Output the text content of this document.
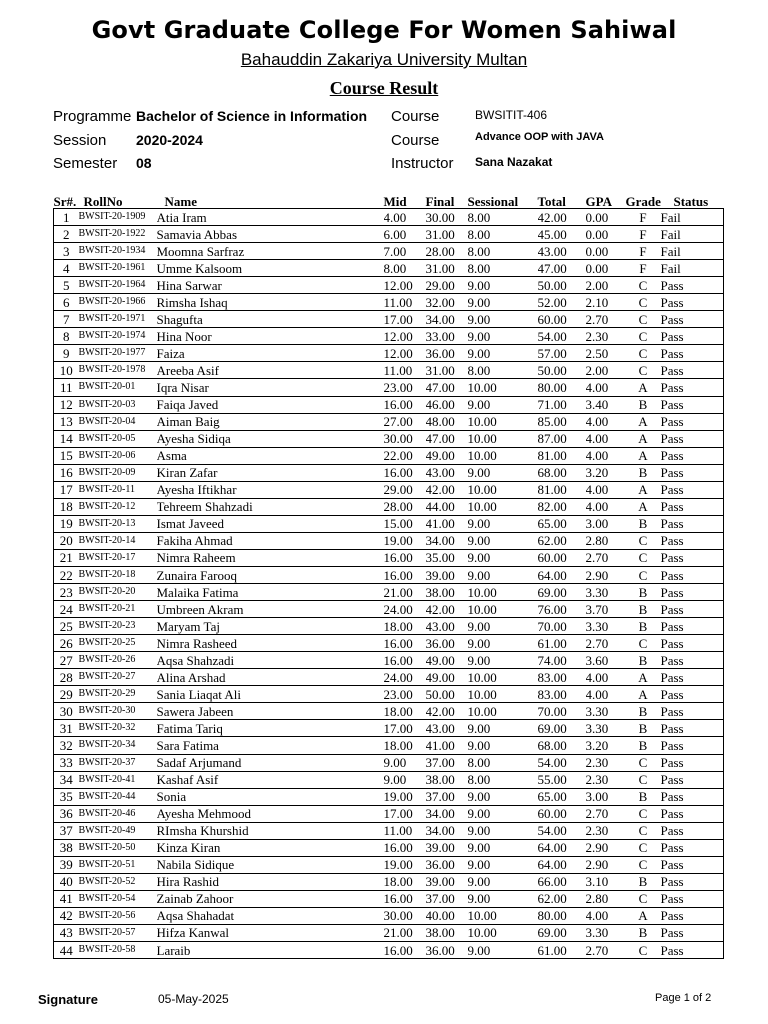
Govt Graduate College For Women Sahiwal
Bahauddin Zakariya University Multan
Course Result
Programme Bachelor of Science in Information
Session 2020-2024
Semester 08
Course	BWSITIT-406
Course	Advance OOP with JAVA
Instructor Sana Nazakat
Sr#.	RollNo	Name	Mid	Final	Sessional	Total	GPA	Grade	Status
1	BWSIT-20-1909	Atia Iram	4.00	30.00	8.00	42.00	0.00	F	Fail
2	BWSIT-20-1922	Samavia Abbas	6.00	31.00	8.00	45.00	0.00	F	Fail
3	BWSIT-20-1934	Moomna Sarfraz	7.00	28.00	8.00	43.00	0.00	F	Fail
4	BWSIT-20-1961	Umme Kalsoom	8.00	31.00	8.00	47.00	0.00	F	Fail
5	BWSIT-20-1964	Hina Sarwar	12.00	29.00	9.00	50.00	2.00	C	Pass
6	BWSIT-20-1966	Rimsha Ishaq	11.00	32.00	9.00	52.00	2.10	C	Pass
7	BWSIT-20-1971	Shagufta	17.00	34.00	9.00	60.00	2.70	C	Pass
8	BWSIT-20-1974	Hina Noor	12.00	33.00	9.00	54.00	2.30	C	Pass
9	BWSIT-20-1977	Faiza	12.00	36.00	9.00	57.00	2.50	C	Pass
10	BWSIT-20-1978	Areeba Asif	11.00	31.00	8.00	50.00	2.00	C	Pass
11	BWSIT-20-01	Iqra Nisar	23.00	47.00	10.00	80.00	4.00	A	Pass
12	BWSIT-20-03	Faiqa Javed	16.00	46.00	9.00	71.00	3.40	B	Pass
13	BWSIT-20-04	Aiman Baig	27.00	48.00	10.00	85.00	4.00	A	Pass
14	BWSIT-20-05	Ayesha Sidiqa	30.00	47.00	10.00	87.00	4.00	A	Pass
15	BWSIT-20-06	Asma	22.00	49.00	10.00	81.00	4.00	A	Pass
16	BWSIT-20-09	Kiran Zafar	16.00	43.00	9.00	68.00	3.20	B	Pass
17	BWSIT-20-11	Ayesha Iftikhar	29.00	42.00	10.00	81.00	4.00	A	Pass
18	BWSIT-20-12	Tehreem Shahzadi	28.00	44.00	10.00	82.00	4.00	A	Pass
19	BWSIT-20-13	Ismat Javeed	15.00	41.00	9.00	65.00	3.00	B	Pass
20	BWSIT-20-14	Fakiha Ahmad	19.00	34.00	9.00	62.00	2.80	C	Pass
21	BWSIT-20-17	Nimra Raheem	16.00	35.00	9.00	60.00	2.70	C	Pass
22	BWSIT-20-18	Zunaira Farooq	16.00	39.00	9.00	64.00	2.90	C	Pass
23	BWSIT-20-20	Malaika Fatima	21.00	38.00	10.00	69.00	3.30	B	Pass
24	BWSIT-20-21	Umbreen Akram	24.00	42.00	10.00	76.00	3.70	B	Pass
25	BWSIT-20-23	Maryam Taj	18.00	43.00	9.00	70.00	3.30	B	Pass
26	BWSIT-20-25	Nimra Rasheed	16.00	36.00	9.00	61.00	2.70	C	Pass
27	BWSIT-20-26	Aqsa Shahzadi	16.00	49.00	9.00	74.00	3.60	B	Pass
28	BWSIT-20-27	Alina Arshad	24.00	49.00	10.00	83.00	4.00	A	Pass
29	BWSIT-20-29	Sania Liaqat Ali	23.00	50.00	10.00	83.00	4.00	A	Pass
30	BWSIT-20-30	Sawera Jabeen	18.00	42.00	10.00	70.00	3.30	B	Pass
31	BWSIT-20-32	Fatima Tariq	17.00	43.00	9.00	69.00	3.30	B	Pass
32	BWSIT-20-34	Sara Fatima	18.00	41.00	9.00	68.00	3.20	B	Pass
33	BWSIT-20-37	Sadaf Arjumand	9.00	37.00	8.00	54.00	2.30	C	Pass
34	BWSIT-20-41	Kashaf Asif	9.00	38.00	8.00	55.00	2.30	C	Pass
35	BWSIT-20-44	Sonia	19.00	37.00	9.00	65.00	3.00	B	Pass
36	BWSIT-20-46	Ayesha Mehmood	17.00	34.00	9.00	60.00	2.70	C	Pass
37	BWSIT-20-49	RImsha Khurshid	11.00	34.00	9.00	54.00	2.30	C	Pass
38	BWSIT-20-50	Kinza Kiran	16.00	39.00	9.00	64.00	2.90	C	Pass
39	BWSIT-20-51	Nabila Sidique	19.00	36.00	9.00	64.00	2.90	C	Pass
40	BWSIT-20-52	Hira Rashid	18.00	39.00	9.00	66.00	3.10	B	Pass
41	BWSIT-20-54	Zainab Zahoor	16.00	37.00	9.00	62.00	2.80	C	Pass
42	BWSIT-20-56	Aqsa Shahadat	30.00	40.00	10.00	80.00	4.00	A	Pass
43	BWSIT-20-57	Hifza Kanwal	21.00	38.00	10.00	69.00	3.30	B	Pass
44	BWSIT-20-58	Laraib	16.00	36.00	9.00	61.00	2.70	C	Pass
Signature	05-May-2025	Page 1 of 2
